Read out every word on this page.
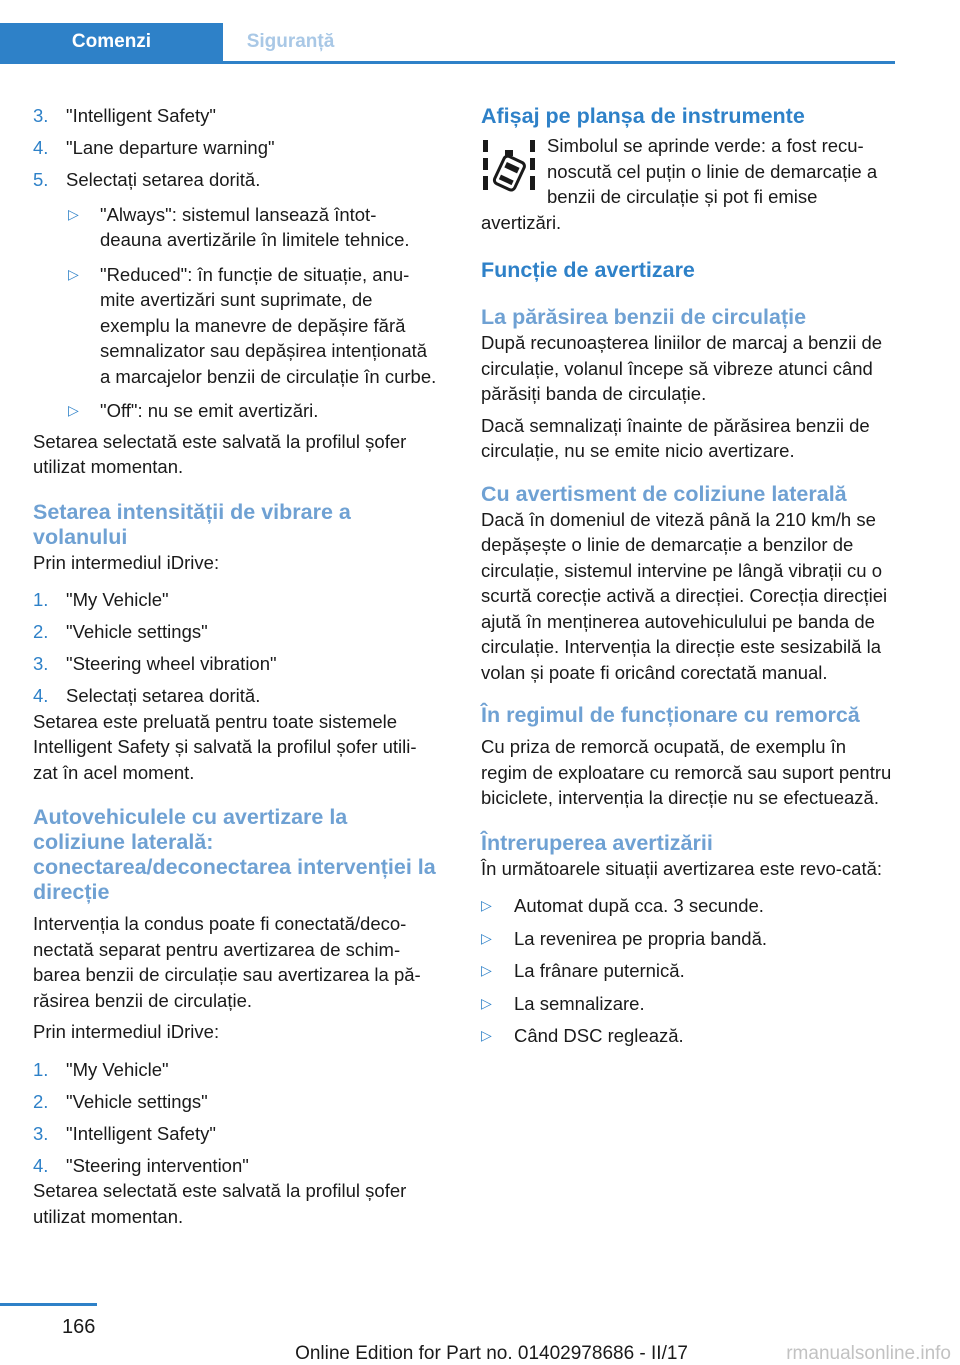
Comenzi	Siguranță
3. "Intelligent Safety"
4. "Lane departure warning"
5. Selectați setarea dorită.
▷	"Always": sistemul lansează întot‐deauna avertizările în limitele tehnice.
▷	"Reduced": în funcție de situație, anu‐mite avertizări sunt suprimate, de exemplu la manevre de depășire fără semnalizator sau depășirea intenționată a marcajelor benzii de circulație în curbe.
▷	"Off": nu se emit avertizări.

Setarea selectată este salvată la profilul șofer utilizat momentan.

Setarea intensității de vibrare a volanului

Prin intermediul iDrive:

1. "My Vehicle"
2. "Vehicle settings"
3. "Steering wheel vibration"
4. Selectați setarea dorită.

Setarea este preluată pentru toate sistemele Intelligent Safety și salvată la profilul șofer utili‐zat în acel moment.

Autovehiculele cu avertizare la coliziune laterală: conectarea/deconectarea intervenției la direcție

Intervenția la condus poate fi conectată/deco‐nectată separat pentru avertizarea de schim‐barea benzii de circulație sau avertizarea la pă‐răsirea benzii de circulație.

Prin intermediul iDrive:

1. "My Vehicle"
2. "Vehicle settings"
3. "Intelligent Safety"
4. "Steering intervention"

Setarea selectată este salvată la profilul șofer utilizat momentan.

Afișaj pe planșa de instrumente

Simbolul se aprinde verde: a fost recu‐noscută cel puțin o linie de demarcație a benzii de circulație și pot fi emise avertizări.

Funcție de avertizare
La părăsirea benzii de circulație

După recunoașterea liniilor de marcaj a benzii de circulație, volanul începe să vibreze atunci când părăsiți banda de circulație.

Dacă semnalizați înainte de părăsirea benzii de circulație, nu se emite nicio avertizare.

Cu avertisment de coliziune laterală

Dacă în domeniul de viteză până la 210 km/h se depășește o linie de demarcație a benzilor de circulație, sistemul intervine pe lângă vibrații cu o scurtă corecție activă a direcției. Corecția direcției ajută în menținerea autovehiculului pe banda de circulație. Intervenția la direcție este sesizabilă la volan și poate fi oricând corectată manual.

În regimul de funcționare cu remorcă

Cu priza de remorcă ocupată, de exemplu în regim de exploatare cu remorcă sau suport pentru biciclete, intervenția la direcție nu se efectuează.

Întreruperea avertizării

În următoarele situații avertizarea este revo‐cată:

▷	Automat după cca. 3 secunde.
▷	La revenirea pe propria bandă.
▷	La frânare puternică.
▷	La semnalizare.
▷	Când DSC reglează.
166
Online Edition for Part no. 01402978686 - II/17	rmanualsonline.info
